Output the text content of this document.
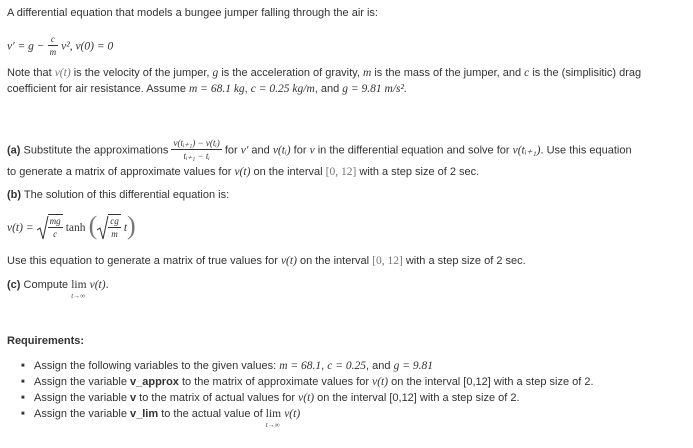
A differential equation that models a bungee jumper falling through the air is:
$v' = g - \frac{c}{m} v^2$, v(0) = 0
Note that v(t) is the velocity of the jumper, g is the acceleration of gravity, m is the mass of the jumper, and c is the (simplisitic) drag
coefficient for air resistance. Assume m = 68.1 kg, c = 0.25 kg/m, and g = 9.81 m/s².
(a) Substitute the approximations $\frac{\text{v(tᵢ₊₁) − v(tᵢ)}}{\text{tᵢ₊₁ − tᵢ}}$ for v′ and v(tᵢ) for v in the differential equation and solve for v(tᵢ₊₁). Use this equation
to generate a matrix of approximate values for v(t) on the interval [0, 12] with a step size of 2 sec.
(b) The solution of this differential equation is:
$v(t) = \frac{mg}{c}$ tanh ( $\frac{cg}{m} t$)
Use this equation to generate a matrix of true values for v(t) on the interval [0, 12] with a step size of 2 sec.
(c) Compute lim
t→∞
v(t).
Requirements:
■ Assign the following variables to the given values: m = 68.1, c = 0.25, and g = 9.81
■ Assign the variable v_approx to the matrix of approximate values for v(t) on the interval [0,12] with a step size of 2.
■ Assign the variable v to the matrix of actual values for v(t) on the interval [0,12] with a step size of 2.
■ Assign the variable v_lim to the actual value of lim
t→∞
v(t)
